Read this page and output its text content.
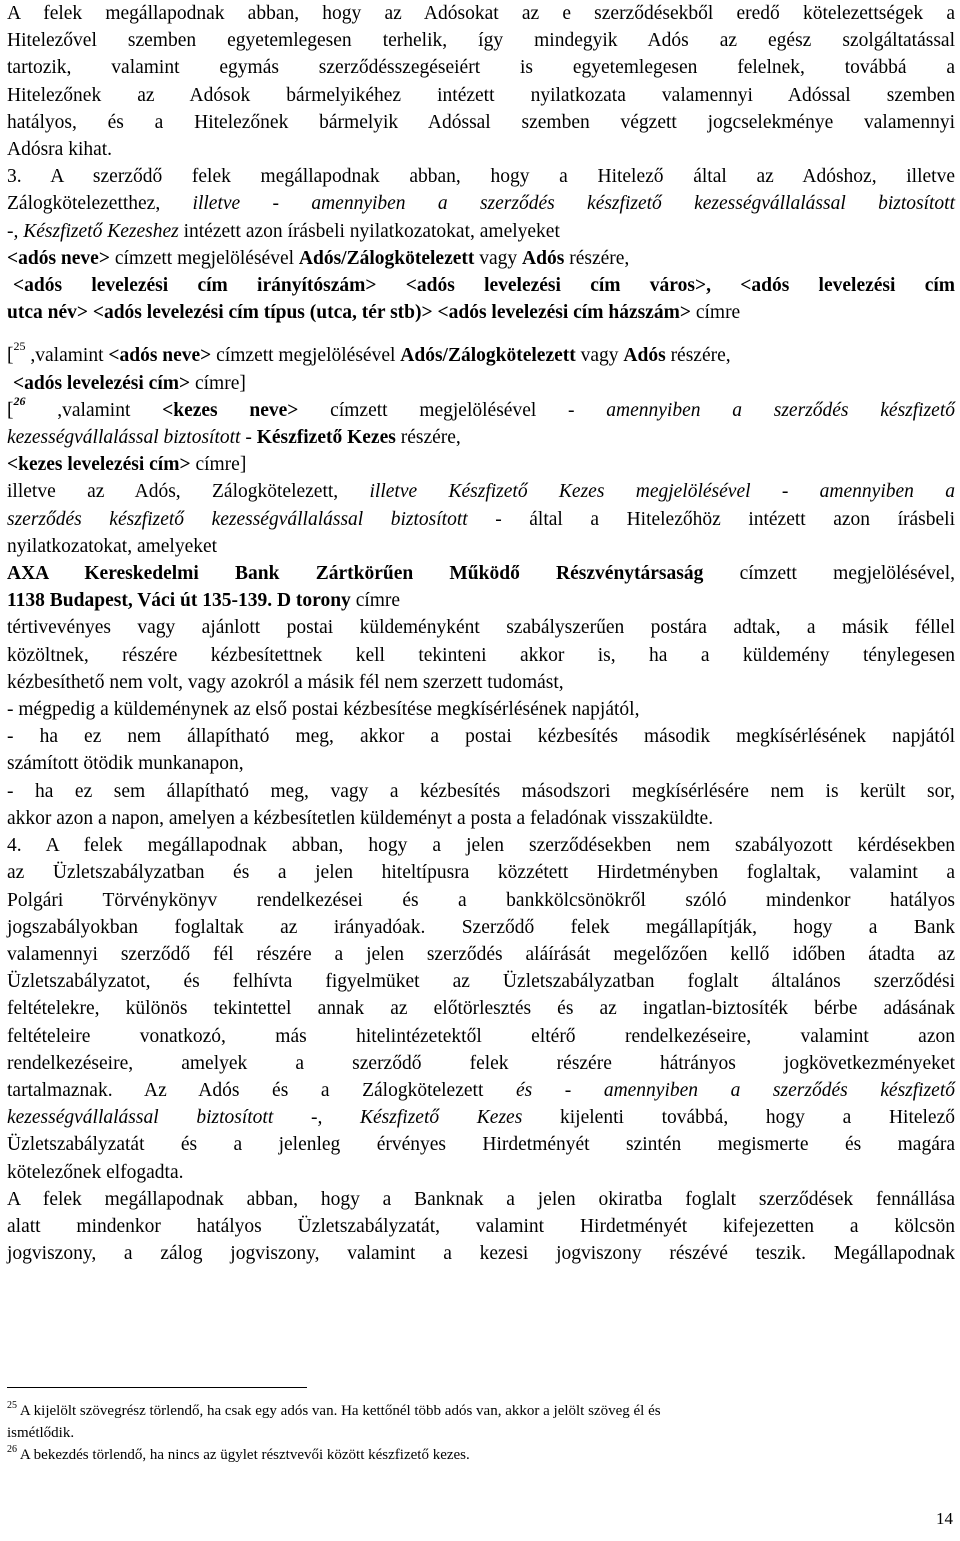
A felek megállapodnak abban, hogy az Adósokat az e szerződésekből eredő kötelezettségek a
Hitelezővel szemben egyetemlegesen terhelik, így mindegyik Adós az egész szolgáltatással
tartozik, valamint egymás szerződésszegéseiért is egyetemlegesen felelnek, továbbá a
Hitelezőnek az Adósok bármelyikéhez intézett nyilatkozata valamennyi Adóssal szemben
hatályos, és a Hitelezőnek bármelyik Adóssal szemben végzett jogcselekménye valamennyi
Adósra kihat.

3. A szerződő felek megállapodnak abban, hogy a Hitelező által az Adóshoz, illetve
Zálogkötelezetthez, illetve - amennyiben a szerződés készfizető kezességvállalással biztosított
-, Készfizető Kezeshez intézett azon írásbeli nyilatkozatokat, amelyeket
<adós neve> címzett megjelölésével Adós/Zálogkötelezett vagy Adós részére,
<adós levelezési cím irányítószám> <adós levelezési cím város>, <adós levelezési cím
utca név> <adós levelezési cím típus (utca, tér stb)> <adós levelezési cím házszám> címre

[$^{25}$ ,valamint <adós neve> címzett megjelölésével Adós/Zálogkötelezett vagy Adós részére,
<adós levelezési cím> címre]

[$^{26}$ ,valamint <kezes neve> címzett megjelölésével - amennyiben a szerződés készfizető
kezességvállalással biztosított - Készfizető Kezes részére,
<kezes levelezési cím> címre]

illetve az Adós, Zálogkötelezett, illetve Készfizető Kezes megjelölésével - amennyiben a
szerződés készfizető kezességvállalással biztosított - által a Hitelezőhöz intézett azon írásbeli
nyilatkozatokat, amelyeket
AXA Kereskedelmi Bank Zártkörűen Működő Részvénytársaság címzett megjelölésével,
1138 Budapest, Váci út 135-139. D torony címre

tértivevényes vagy ajánlott postai küldeményként szabályszerűen postára adtak, a másik féllel
közöltnek, részére kézbesítettnek kell tekinteni akkor is, ha a küldemény ténylegesen
kézbesíthető nem volt, vagy azokról a másik fél nem szerzett tudomást,

- mégpedig a küldeménynek az első postai kézbesítése megkísérlésének napjától,

- ha ez nem állapítható meg, akkor a postai kézbesítés második megkísérlésének napjától
számított ötödik munkanapon,

- ha ez sem állapítható meg, vagy a kézbesítés másodszori megkísérlésére nem is került sor,
akkor azon a napon, amelyen a kézbesítetlen küldeményt a posta a feladónak visszaküldte.

4. A felek megállapodnak abban, hogy a jelen szerződésekben nem szabályozott kérdésekben
az Üzletszabályzatban és a jelen hiteltípusra közzétett Hirdetményben foglaltak, valamint a
Polgári Törvénykönyv rendelkezései és a bankkölcsönökről szóló mindenkor hatályos
jogszabályokban foglaltak az irányadóak. Szerződő felek megállapítják, hogy a Bank
valamennyi szerződő fél részére a jelen szerződés aláírását megelőzően kellő időben átadta az
Üzletszabályzatot, és felhívta figyelmüket az Üzletszabályzatban foglalt általános szerződési
feltételekre, különös tekintettel annak az előtörlesztés és az ingatlan-biztosíték bérbe adásának
feltételeire vonatkozó, más hitelintézetektől eltérő rendelkezéseire, valamint azon
rendelkezéseire, amelyek a szerződő felek részére hátrányos jogkövetkezményeket
tartalmaznak. Az Adós és a Zálogkötelezett és - amennyiben a szerződés készfizető
kezességvállalással biztosított -, Készfizető Kezes kijelenti továbbá, hogy a Hitelező
Üzletszabályzatát és a jelenleg érvényes Hirdetményét szintén megismerte és magára
kötelezőnek elfogadta.

A felek megállapodnak abban, hogy a Banknak a jelen okiratba foglalt szerződések fennállása
alatt mindenkor hatályos Üzletszabályzatát, valamint Hirdetményét kifejezetten a kölcsön
jogviszony, a zálog jogviszony, valamint a kezesi jogviszony részévé teszik. Megállapodnak

$^{25}$ A kijelölt szövegrész törlendő, ha csak egy adós van. Ha kettőnél több adós van, akkor a jelölt szöveg él és
ismétlődik.
$^{26}$ A bekezdés törlendő, ha nincs az ügylet résztvevői között készfizető kezes.
14
